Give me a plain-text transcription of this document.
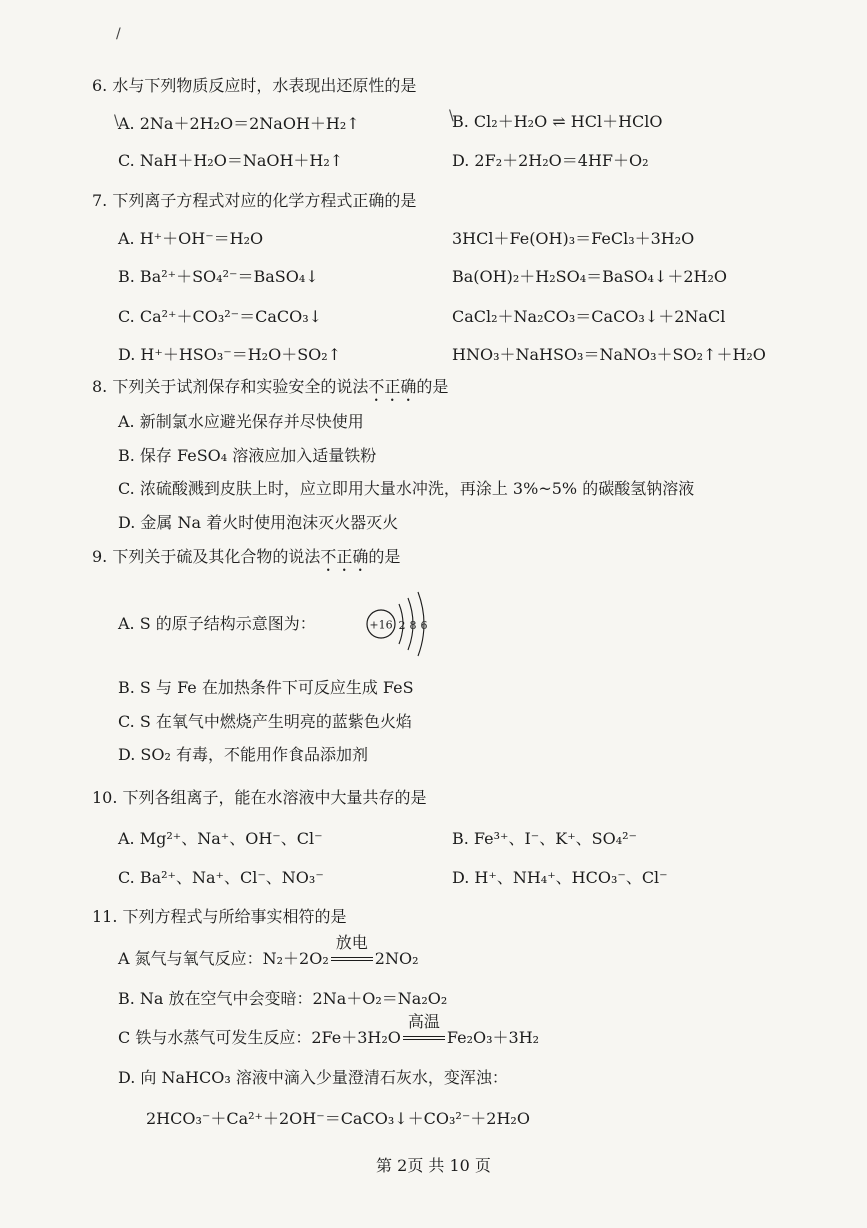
6. 水与下列物质反应时，水表现出还原性的是
A. 2Na＋2H₂O＝2NaOH＋H₂↑	B. Cl₂＋H₂O ⇌ HCl＋HClO
C. NaH＋H₂O＝NaOH＋H₂↑	D. 2F₂＋2H₂O＝4HF＋O₂
7. 下列离子方程式对应的化学方程式正确的是
A. H⁺＋OH⁻＝H₂O	3HCl＋Fe(OH)₃＝FeCl₃＋3H₂O
B. Ba²⁺＋SO₄²⁻＝BaSO₄↓	Ba(OH)₂＋H₂SO₄＝BaSO₄↓＋2H₂O
C. Ca²⁺＋CO₃²⁻＝CaCO₃↓	CaCl₂＋Na₂CO₃＝CaCO₃↓＋2NaCl
D. H⁺＋HSO₃⁻＝H₂O＋SO₂↑	HNO₃＋NaHSO₃＝NaNO₃＋SO₂↑＋H₂O
8. 下列关于试剂保存和实验安全的说法不正确的是
A. 新制氯水应避光保存并尽快使用
B. 保存 FeSO₄ 溶液应加入适量铁粉
C. 浓硫酸溅到皮肤上时，应立即用大量水冲洗，再涂上 3%~5% 的碳酸氢钠溶液
D. 金属 Na 着火时使用泡沫灭火器灭火
9. 下列关于硫及其化合物的说法不正确的是
A. S 的原子结构示意图为：	+16 2 8 6
B. S 与 Fe 在加热条件下可反应生成 FeS
C. S 在氧气中燃烧产生明亮的蓝紫色火焰
D. SO₂ 有毒，不能用作食品添加剂
10. 下列各组离子，能在水溶液中大量共存的是
A. Mg²⁺、Na⁺、OH⁻、Cl⁻	B. Fe³⁺、I⁻、K⁺、SO₄²⁻
C. Ba²⁺、Na⁺、Cl⁻、NO₃⁻	D. H⁺、NH₄⁺、HCO₃⁻、Cl⁻
11. 下列方程式与所给事实相符的是
A 氮气与氧气反应：N₂＋2O₂
放电
2NO₂
B. Na 放在空气中会变暗：2Na＋O₂＝Na₂O₂
C 铁与水蒸气可发生反应：2Fe＋3H₂O
高温
Fe₂O₃＋3H₂
D. 向 NaHCO₃ 溶液中滴入少量澄清石灰水，变浑浊：
2HCO₃⁻＋Ca²⁺＋2OH⁻＝CaCO₃↓＋CO₃²⁻＋2H₂O
\	\
/
第 2页 共 10 页
